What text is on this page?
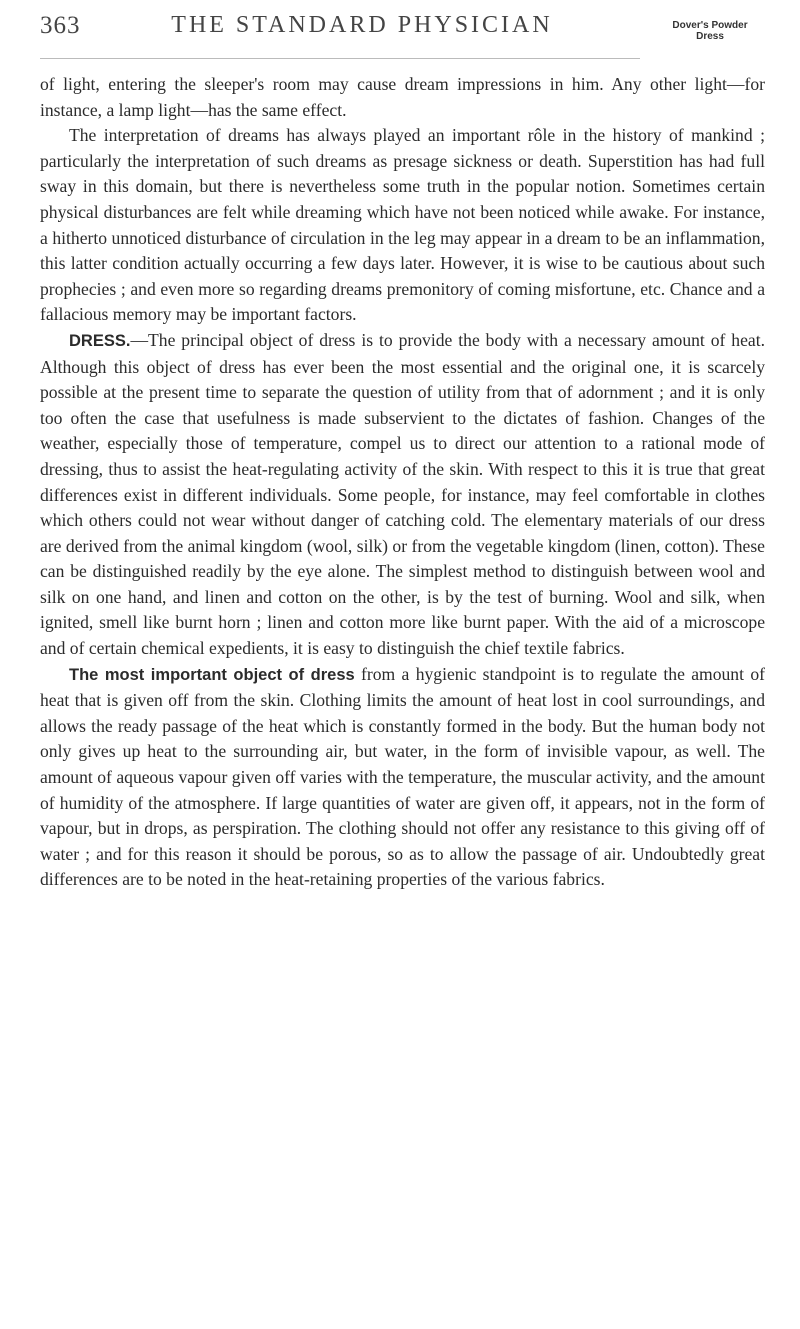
363	THE STANDARD PHYSICIAN	Dover's Powder
Dress

of light, entering the sleeper's room may cause dream impressions in him. Any other light—for instance, a lamp light—has the same effect.

The interpretation of dreams has always played an important rôle in the history of mankind ; particularly the interpretation of such dreams as presage sickness or death. Superstition has had full sway in this domain, but there is nevertheless some truth in the popular notion. Sometimes certain physical disturbances are felt while dreaming which have not been noticed while awake. For instance, a hitherto unnoticed disturbance of circulation in the leg may appear in a dream to be an inflammation, this latter condition actually occurring a few days later. However, it is wise to be cautious about such prophecies ; and even more so regarding dreams premonitory of coming misfortune, etc. Chance and a fallacious memory may be important factors.

DRESS.—The principal object of dress is to provide the body with a necessary amount of heat. Although this object of dress has ever been the most essential and the original one, it is scarcely possible at the present time to separate the question of utility from that of adornment ; and it is only too often the case that usefulness is made subservient to the dictates of fashion. Changes of the weather, especially those of temperature, compel us to direct our attention to a rational mode of dressing, thus to assist the heat-regulating activity of the skin. With respect to this it is true that great differences exist in different individuals. Some people, for instance, may feel comfortable in clothes which others could not wear without danger of catching cold. The elementary materials of our dress are derived from the animal kingdom (wool, silk) or from the vegetable kingdom (linen, cotton). These can be distinguished readily by the eye alone. The simplest method to distinguish between wool and silk on one hand, and linen and cotton on the other, is by the test of burning. Wool and silk, when ignited, smell like burnt horn ; linen and cotton more like burnt paper. With the aid of a microscope and of certain chemical expedients, it is easy to distinguish the chief textile fabrics.

The most important object of dress from a hygienic standpoint is to regulate the amount of heat that is given off from the skin. Clothing limits the amount of heat lost in cool surroundings, and allows the ready passage of the heat which is constantly formed in the body. But the human body not only gives up heat to the surrounding air, but water, in the form of invisible vapour, as well. The amount of aqueous vapour given off varies with the temperature, the muscular activity, and the amount of humidity of the atmosphere. If large quantities of water are given off, it appears, not in the form of vapour, but in drops, as perspiration. The clothing should not offer any resistance to this giving off of water ; and for this reason it should be porous, so as to allow the passage of air. Undoubtedly great differences are to be noted in the heat-retaining properties of the various fabrics.
